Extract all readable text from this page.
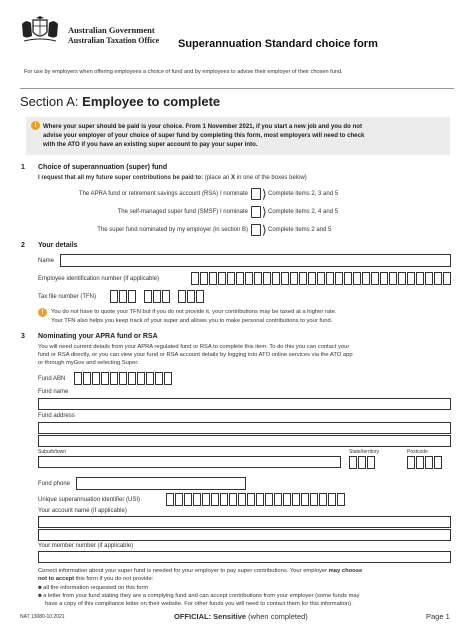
Australian Government
Australian Taxation Office Superannuation Standard choice form
For use by employers when offering employees a choice of fund and by employees to advise their employer of their chosen fund.
Section A: Employee to complete
!	Where your super should be paid is your choice. From 1 November 2021, if you start a new job and you do not
advise your employer of your choice of super fund by completing this form, most employers will need to check
with the ATO if you have an existing super account to pay your super into.
1 Choice of superannuation (super) fund
I request that all my future super contributions be paid to: (place an X in one of the boxes below)
The APRA fund or retirement savings account (RSA) I nominate ⟩ Complete items 2, 3 and 5
The self-managed super fund (SMSF) I nominate ⟩ Complete items 2, 4 and 5
The super fund nominated by my employer (in section B) ⟩ Complete items 2 and 5
2 Your details
Name
Employee identification number (if applicable)
Tax file number (TFN)
!	You do not have to quote your TFN but if you do not provide it, your contributions may be taxed at a higher rate.
Your TFN also helps you keep track of your super and allows you to make personal contributions to your fund.
3 Nominating your APRA fund or RSA
You will need current details from your APRA regulated fund or RSA to complete this item. To do this you can contact your
fund or RSA directly, or you can view your fund or RSA account details by logging into ATO online services via the ATO app
or through myGov and selecting Super.
Fund ABN
Fund name
Fund address
Suburb/town	State/territory	Postcode
Fund phone
Unique superannuation identifier (USI)
Your account name (if applicable)
Your member number (if applicable)
Correct information about your super fund is needed for your employer to pay super contributions. Your employer may choose
not to accept this form if you do not provide:
■ all the information requested on this form
■ a letter from your fund stating they are a complying fund and can accept contributions from your employer (some funds may
have a copy of this compliance letter on their website. For other funds you will need to contact them for this information).
NAT 13080-10.2021	OFFICIAL: Sensitive (when completed)	Page 1
